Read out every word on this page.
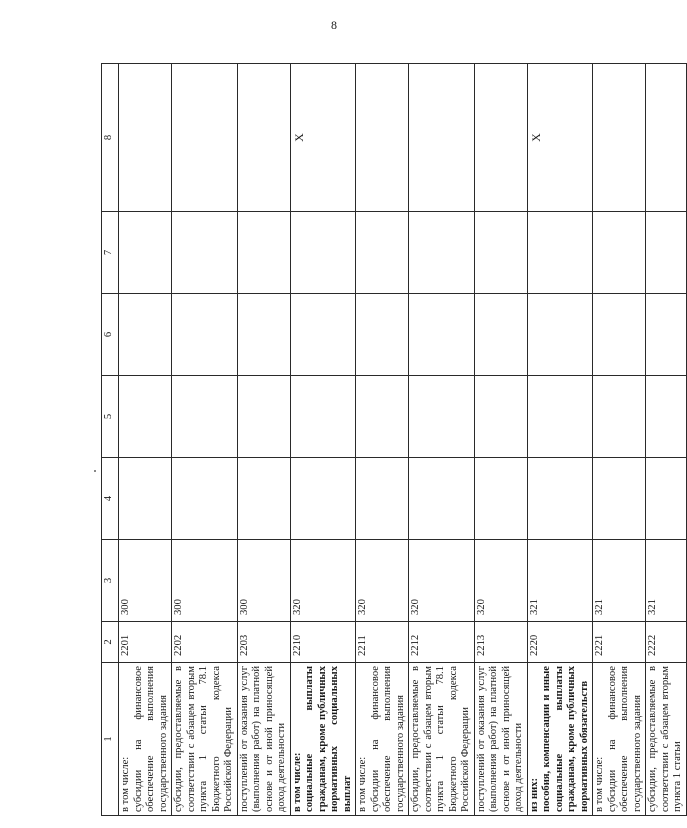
8
1	2	3	4	5	6	7	8

в том числе: субсидии на финансовое обеспечение выполнения государственного задания	2201	300					

субсидии, предоставляемые в соответствии с абзацем вторым пункта 1 статьи 78.1 Бюджетного кодекса Российской Федерации	2202	300					

поступлений от оказания услуг (выполнения работ) на платной основе и от иной приносящей доход деятельности	2203	300					

в том числе: социальные выплаты гражданам, кроме публичных нормативных социальных выплат	2210	320					X

в том числе: субсидии на финансовое обеспечение выполнения государственного задания	2211	320					

субсидии, предоставляемые в соответствии с абзацем вторым пункта 1 статьи 78.1 Бюджетного кодекса Российской Федерации	2212	320					

поступлений от оказания услуг (выполнения работ) на платной основе и от иной приносящей доход деятельности	2213	320					

из них: пособия, компенсации и иные социальные выплаты гражданам, кроме публичных нормативных обязательств	2220	321					X

в том числе: субсидии на финансовое обеспечение выполнения государственного задания	2221	321					

субсидии, предоставляемые в соответствии с абзацем вторым пункта 1 статьи	2222	321					
